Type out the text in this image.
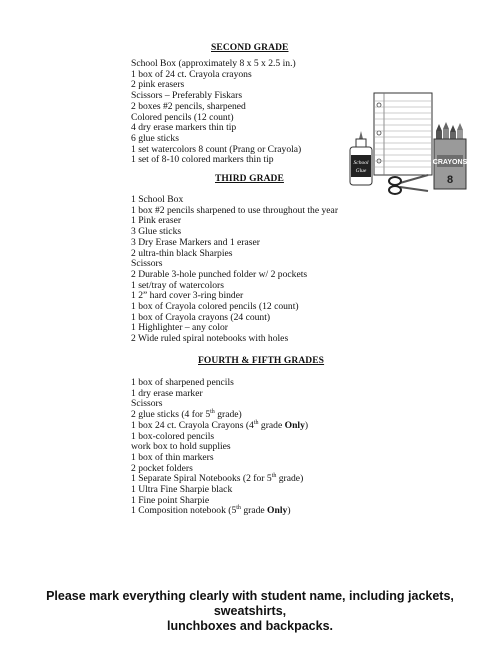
SECOND GRADE
School Box (approximately 8 x 5 x 2.5 in.)
1 box of 24 ct. Crayola crayons
2 pink erasers
Scissors – Preferably Fiskars
2 boxes #2 pencils, sharpened
Colored pencils (12 count)
4 dry erase markers thin tip
6 glue sticks
1 set watercolors 8 count (Prang or Crayola)
1 set of 8-10 colored markers thin tip	CRAYONS
8
School
Glue
THIRD GRADE
1 School Box
1 box #2 pencils sharpened to use throughout the year
1 Pink eraser
3 Glue sticks
3 Dry Erase Markers and 1 eraser
2 ultra-thin black Sharpies
Scissors
2 Durable 3-hole punched folder w/ 2 pockets
1 set/tray of watercolors
1 2” hard cover 3-ring binder
1 box of Crayola colored pencils (12 count)
1 box of Crayola crayons (24 count)
1 Highlighter – any color
2 Wide ruled spiral notebooks with holes
FOURTH & FIFTH GRADES
1 box of sharpened pencils
1 dry erase marker
Scissors
2 glue sticks (4 for 5th grade)
1 box 24 ct. Crayola Crayons (4th grade Only)
1 box-colored pencils
work box to hold supplies
1 box of thin markers
2 pocket folders
1 Separate Spiral Notebooks (2 for 5th grade)
1 Ultra Fine Sharpie black
1 Fine point Sharpie
1 Composition notebook (5th grade Only)
Please mark everything clearly with student name, including jackets, sweatshirts,
lunchboxes and backpacks.
